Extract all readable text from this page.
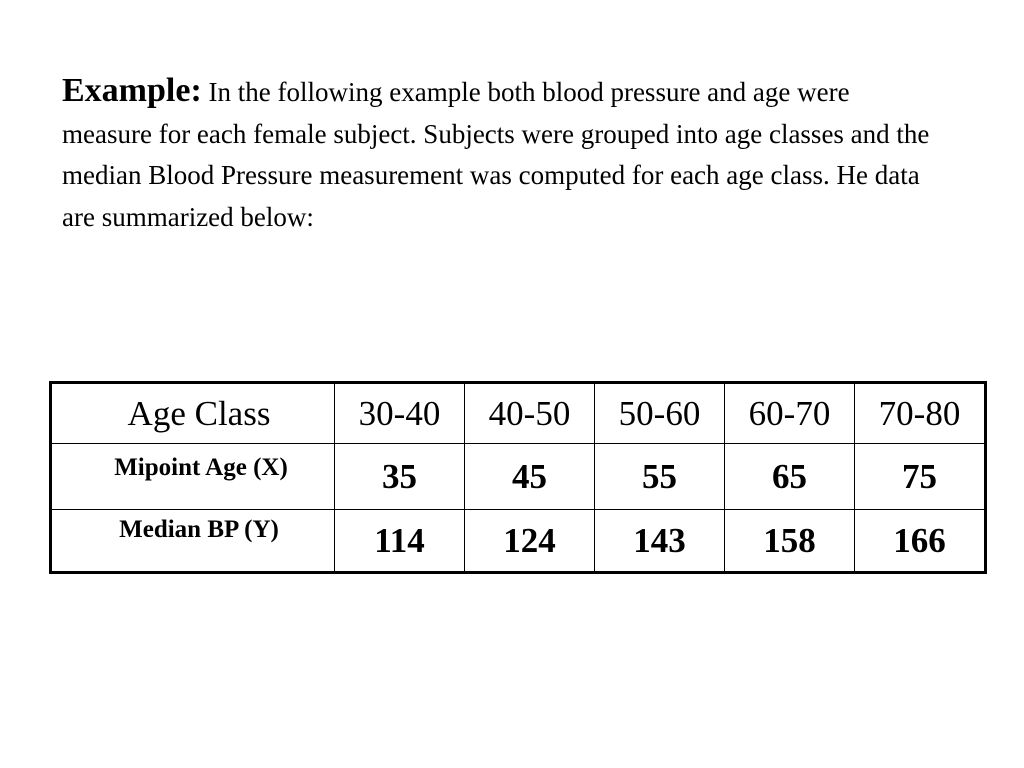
Example: In the following example both blood pressure and age were measure for each female subject. Subjects were grouped into age classes and the median Blood Pressure measurement was computed for each age class. He data are summarized below:
Age Class	30-40	40-50	50-60	60-70	70-80
Mipoint Age (X)	35	45	55	65	75
Median BP (Y)	114	124	143	158	166
